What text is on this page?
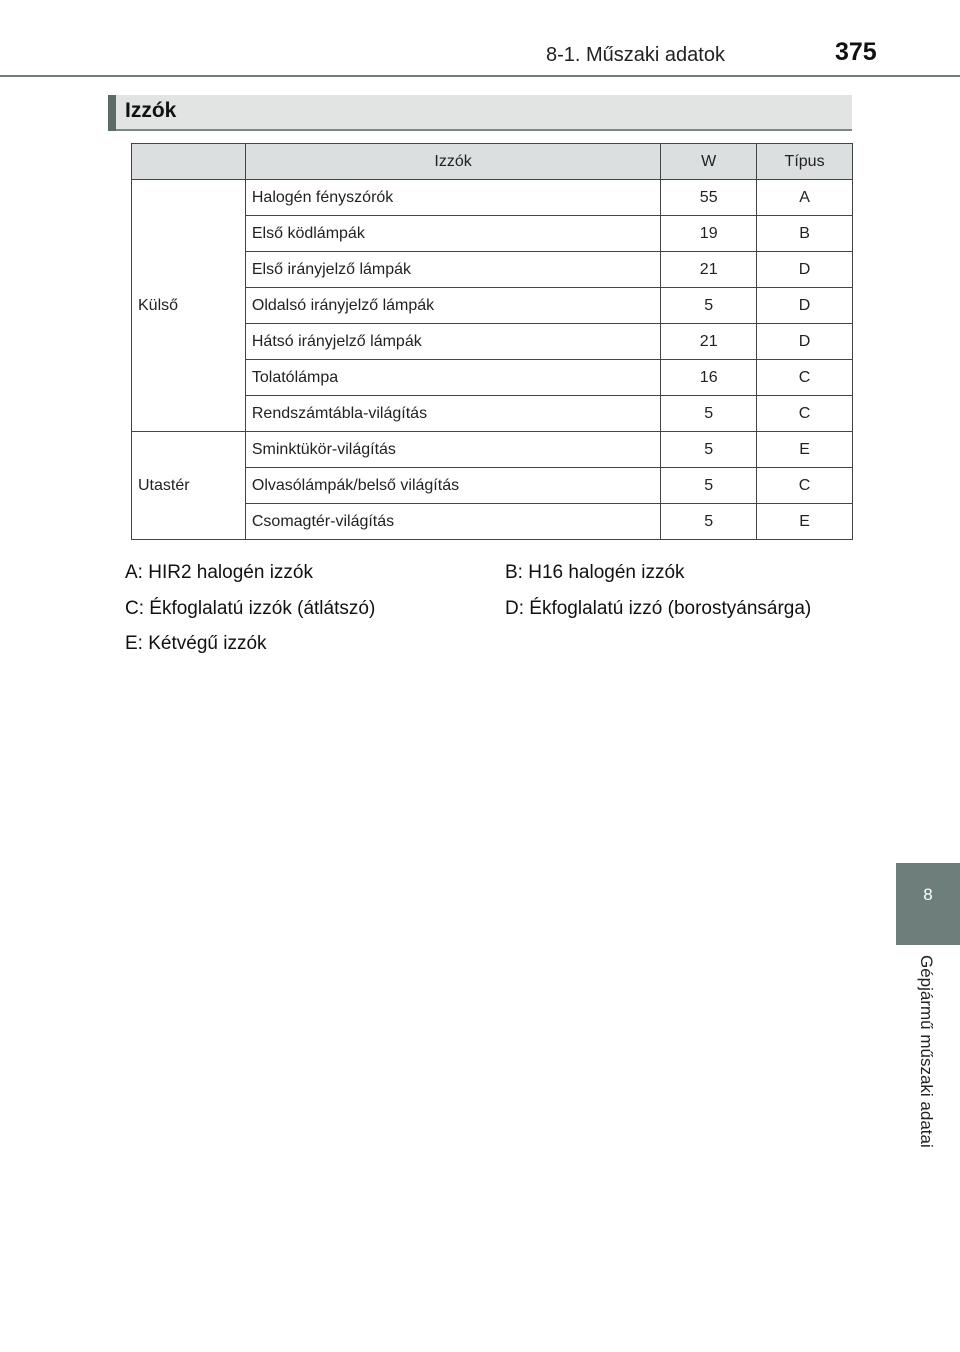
8-1. Műszaki adatok	375
Izzók
	Izzók	W	Típus
Külső	Halogén fényszórók	55	A
	Első ködlámpák	19	B
	Első irányjelző lámpák	21	D
	Oldalsó irányjelző lámpák	5	D
	Hátsó irányjelző lámpák	21	D
	Tolatólámpa	16	C
	Rendszámtábla-világítás	5	C
Utastér	Sminktükör-világítás	5	E
	Olvasólámpák/belső világítás	5	C
	Csomagtér-világítás	5	E
A: HIR2 halogén izzók	B: H16 halogén izzók
C: Ékfoglalatú izzók (átlátszó)	D: Ékfoglalatú izzó (borostyánsárga)
E: Kétvégű izzók
8
Gépjármű műszaki adatai
